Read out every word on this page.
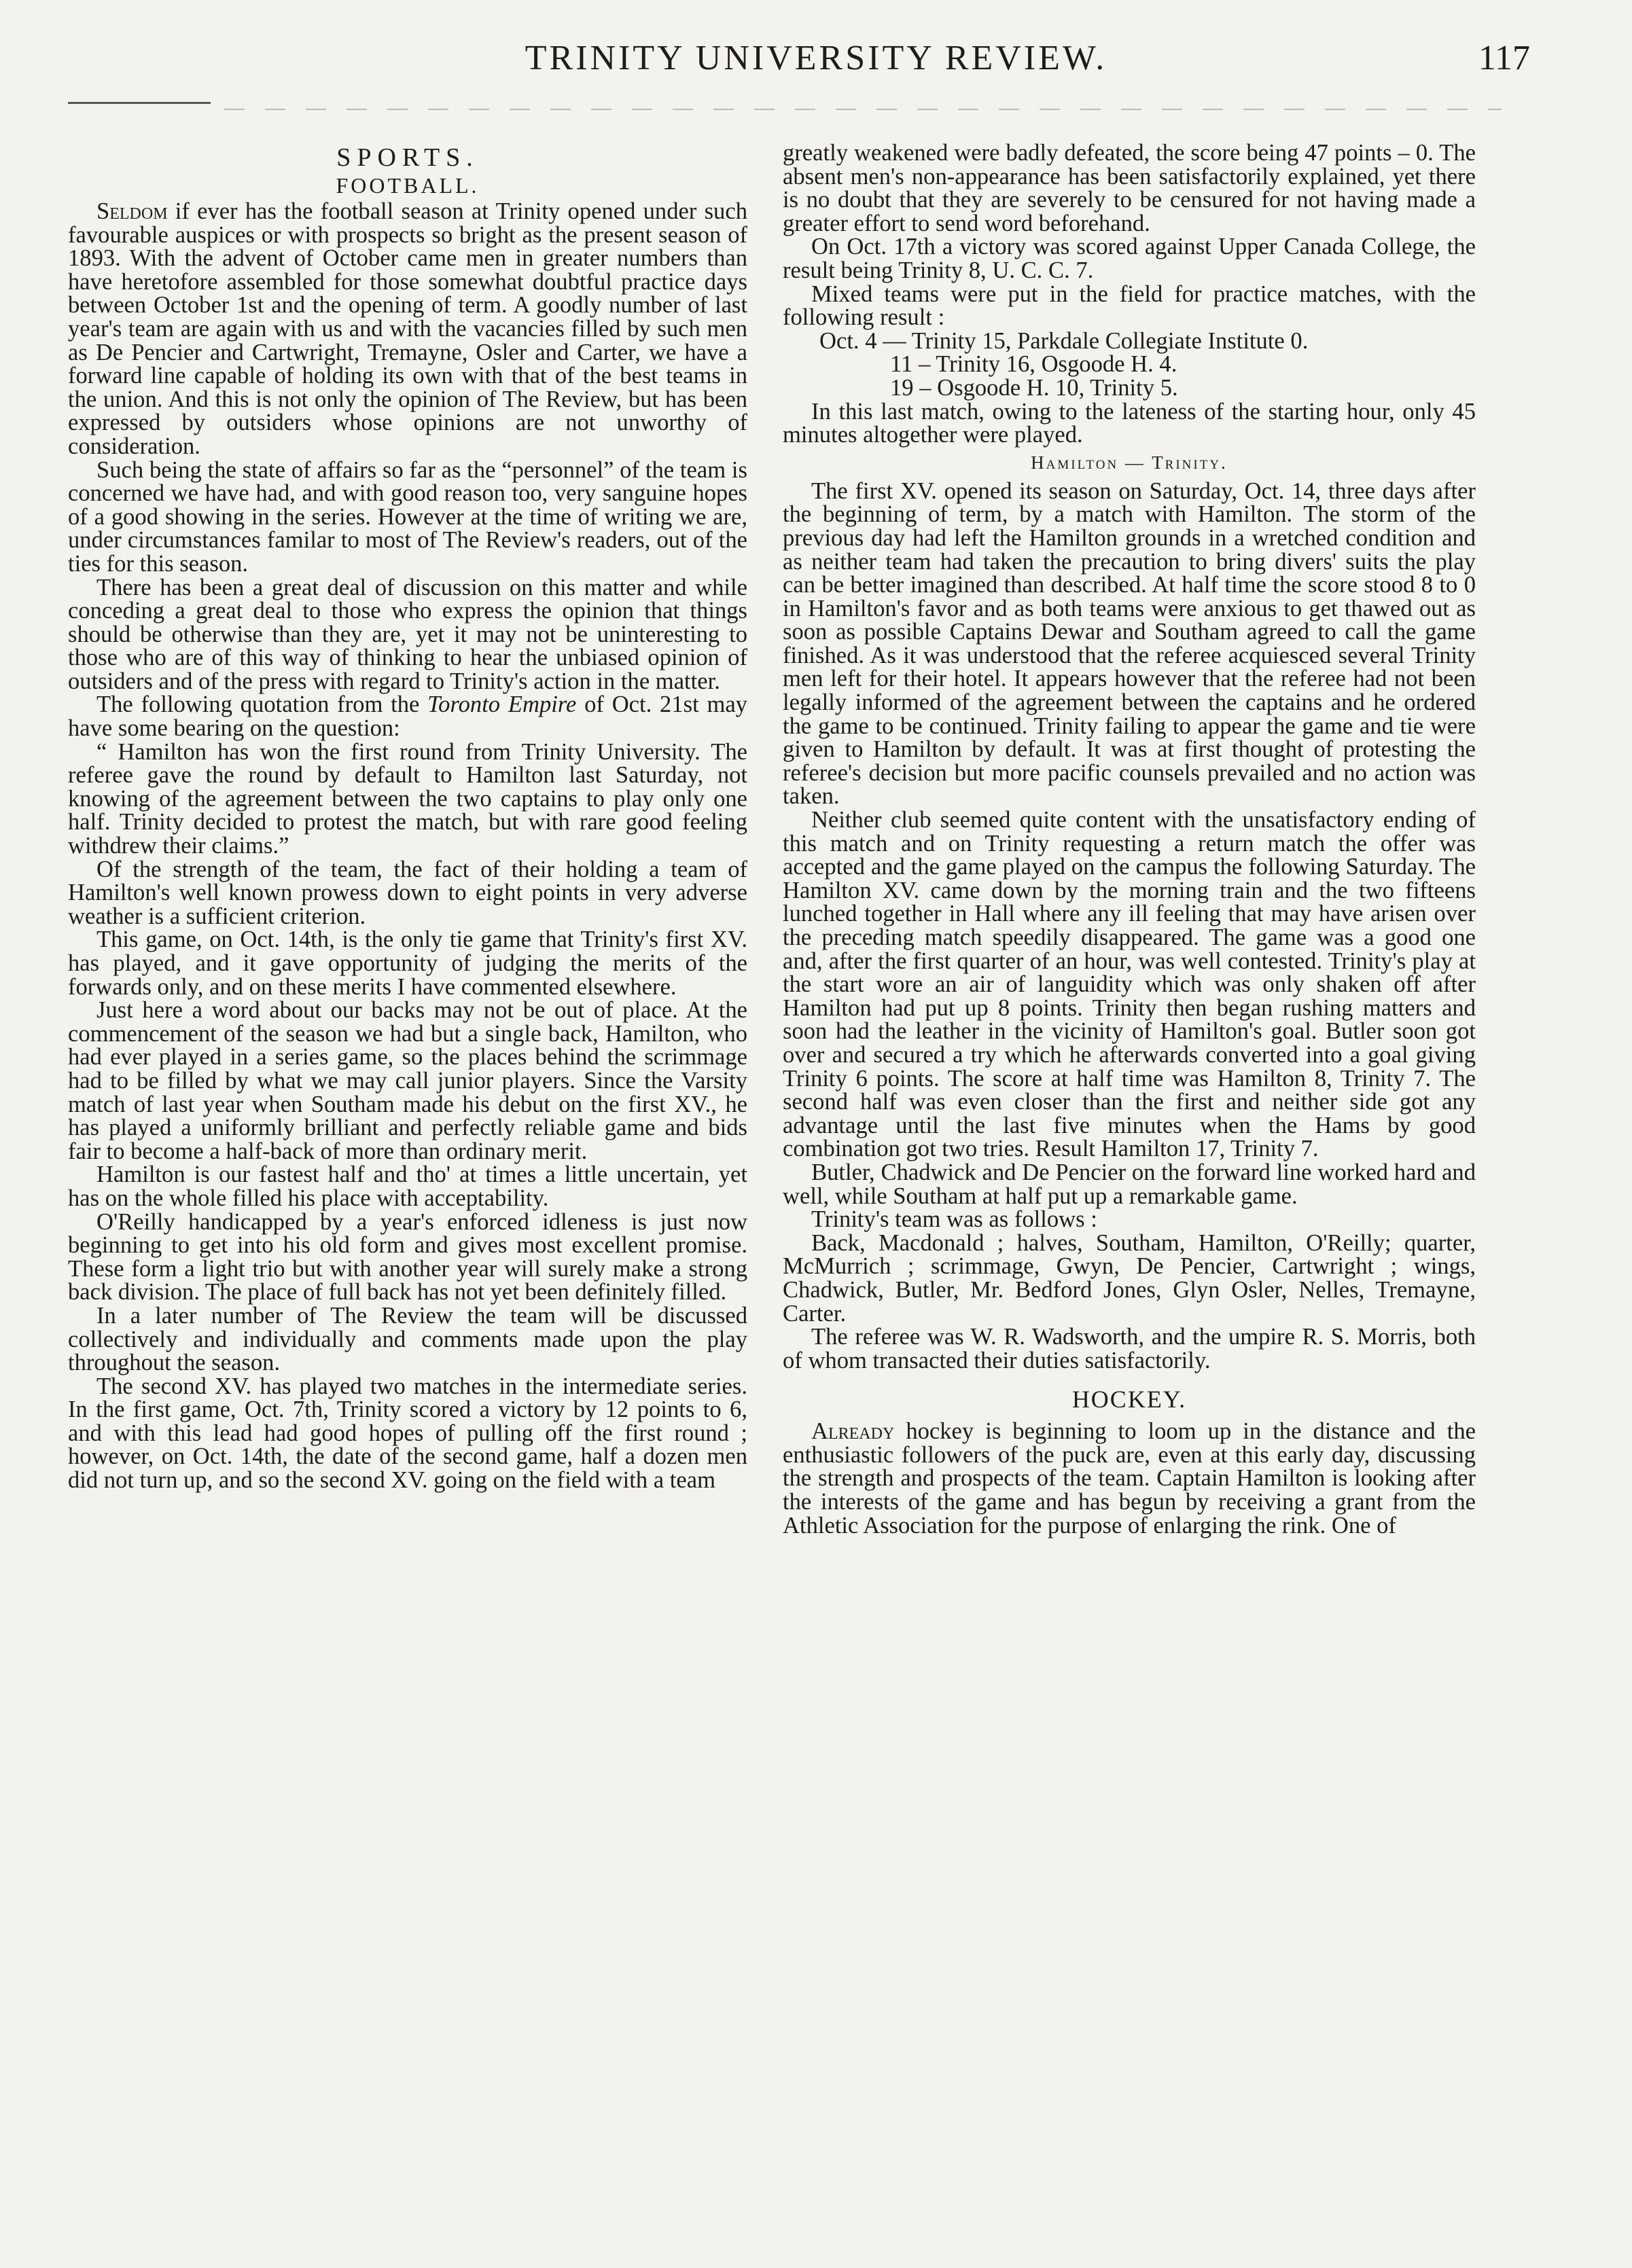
TRINITY UNIVERSITY REVIEW.	117
SPORTS.
FOOTBALL.

Seldom if ever has the football season at Trinity opened under such favourable auspices or with prospects so bright as the present season of 1893. With the advent of October came men in greater numbers than have heretofore assembled for those somewhat doubtful practice days between October 1st and the opening of term. A goodly number of last year's team are again with us and with the vacancies filled by such men as De Pencier and Cartwright, Tremayne, Osler and Carter, we have a forward line capable of holding its own with that of the best teams in the union. And this is not only the opinion of The Review, but has been expressed by outsiders whose opinions are not unworthy of consideration.

Such being the state of affairs so far as the “personnel” of the team is concerned we have had, and with good reason too, very sanguine hopes of a good showing in the series. However at the time of writing we are, under circumstances familar to most of The Review's readers, out of the ties for this season.

There has been a great deal of discussion on this matter and while conceding a great deal to those who express the opinion that things should be otherwise than they are, yet it may not be uninteresting to those who are of this way of thinking to hear the unbiased opinion of outsiders and of the press with regard to Trinity's action in the matter.

The following quotation from the Toronto Empire of Oct. 21st may have some bearing on the question:

“ Hamilton has won the first round from Trinity University. The referee gave the round by default to Hamilton last Saturday, not knowing of the agreement between the two captains to play only one half. Trinity decided to protest the match, but with rare good feeling withdrew their claims.”

Of the strength of the team, the fact of their holding a team of Hamilton's well known prowess down to eight points in very adverse weather is a sufficient criterion.

This game, on Oct. 14th, is the only tie game that Trinity's first XV. has played, and it gave opportunity of judging the merits of the forwards only, and on these merits I have commented elsewhere.

Just here a word about our backs may not be out of place. At the commencement of the season we had but a single back, Hamilton, who had ever played in a series game, so the places behind the scrimmage had to be filled by what we may call junior players. Since the Varsity match of last year when Southam made his debut on the first XV., he has played a uniformly brilliant and perfectly reliable game and bids fair to become a half-back of more than ordinary merit.

Hamilton is our fastest half and tho' at times a little uncertain, yet has on the whole filled his place with acceptability.

O'Reilly handicapped by a year's enforced idleness is just now beginning to get into his old form and gives most excellent promise. These form a light trio but with another year will surely make a strong back division. The place of full back has not yet been definitely filled.

In a later number of The Review the team will be discussed collectively and individually and comments made upon the play throughout the season.

The second XV. has played two matches in the intermediate series. In the first game, Oct. 7th, Trinity scored a victory by 12 points to 6, and with this lead had good hopes of pulling off the first round ; however, on Oct. 14th, the date of the second game, half a dozen men did not turn up, and so the second XV. going on the field with a team

greatly weakened were badly defeated, the score being 47 points – 0. The absent men's non-appearance has been satisfactorily explained, yet there is no doubt that they are severely to be censured for not having made a greater effort to send word beforehand.

On Oct. 17th a victory was scored against Upper Canada College, the result being Trinity 8, U. C. C. 7.

Mixed teams were put in the field for practice matches, with the following result :

Oct. 4 — Trinity 15, Parkdale Collegiate Institute 0.

11 – Trinity 16, Osgoode H. 4.

19 – Osgoode H. 10, Trinity 5.

In this last match, owing to the lateness of the starting hour, only 45 minutes altogether were played.

Hamilton — Trinity.

The first XV. opened its season on Saturday, Oct. 14, three days after the beginning of term, by a match with Hamilton. The storm of the previous day had left the Hamilton grounds in a wretched condition and as neither team had taken the precaution to bring divers' suits the play can be better imagined than described. At half time the score stood 8 to 0 in Hamilton's favor and as both teams were anxious to get thawed out as soon as possible Captains Dewar and Southam agreed to call the game finished. As it was understood that the referee acquiesced several Trinity men left for their hotel. It appears however that the referee had not been legally informed of the agreement between the captains and he ordered the game to be continued. Trinity failing to appear the game and tie were given to Hamilton by default. It was at first thought of protesting the referee's decision but more pacific counsels prevailed and no action was taken.

Neither club seemed quite content with the unsatisfactory ending of this match and on Trinity requesting a return match the offer was accepted and the game played on the campus the following Saturday. The Hamilton XV. came down by the morning train and the two fifteens lunched together in Hall where any ill feeling that may have arisen over the preceding match speedily disappeared. The game was a good one and, after the first quarter of an hour, was well contested. Trinity's play at the start wore an air of languidity which was only shaken off after Hamilton had put up 8 points. Trinity then began rushing matters and soon had the leather in the vicinity of Hamilton's goal. Butler soon got over and secured a try which he afterwards converted into a goal giving Trinity 6 points. The score at half time was Hamilton 8, Trinity 7. The second half was even closer than the first and neither side got any advantage until the last five minutes when the Hams by good combination got two tries. Result Hamilton 17, Trinity 7.

Butler, Chadwick and De Pencier on the forward line worked hard and well, while Southam at half put up a remarkable game.

Trinity's team was as follows :

Back, Macdonald ; halves, Southam, Hamilton, O'Reilly; quarter, McMurrich ; scrimmage, Gwyn, De Pencier, Cartwright ; wings, Chadwick, Butler, Mr. Bedford Jones, Glyn Osler, Nelles, Tremayne, Carter.

The referee was W. R. Wadsworth, and the umpire R. S. Morris, both of whom transacted their duties satisfactorily.

HOCKEY.

Already hockey is beginning to loom up in the distance and the enthusiastic followers of the puck are, even at this early day, discussing the strength and prospects of the team. Captain Hamilton is looking after the interests of the game and has begun by receiving a grant from the Athletic Association for the purpose of enlarging the rink. One of
